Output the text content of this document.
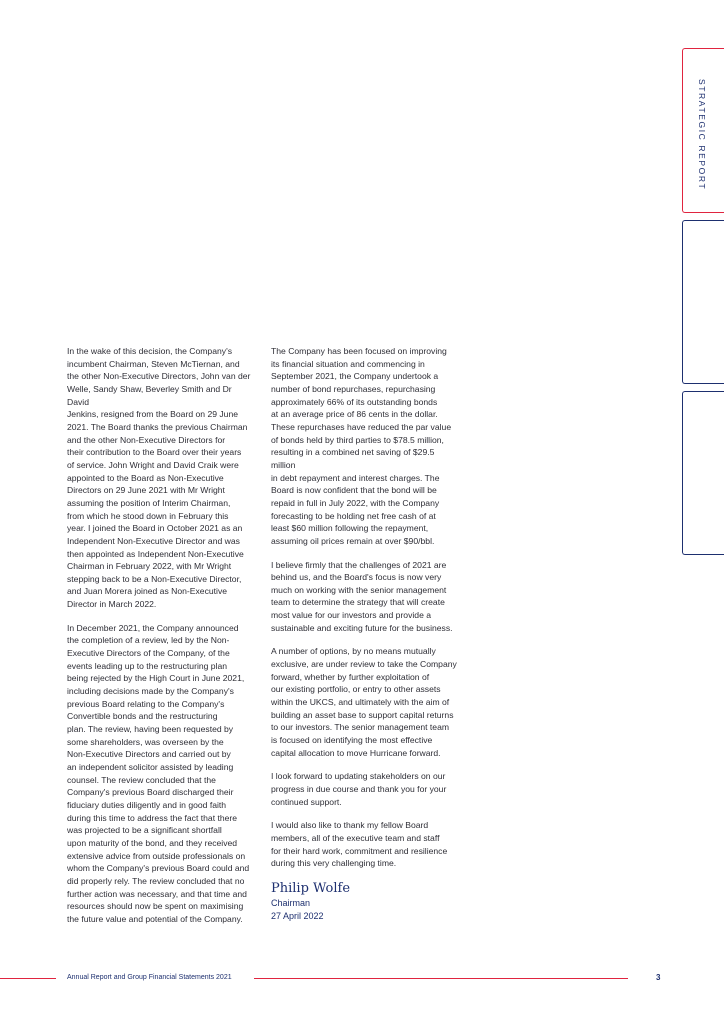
STRATEGIC REPORT

In the wake of this decision, the Company's
incumbent Chairman, Steven McTiernan, and
the other Non-Executive Directors, John van der
Welle, Sandy Shaw, Beverley Smith and Dr David
Jenkins, resigned from the Board on 29 June
2021. The Board thanks the previous Chairman
and the other Non-Executive Directors for
their contribution to the Board over their years
of service. John Wright and David Craik were
appointed to the Board as Non-Executive
Directors on 29 June 2021 with Mr Wright
assuming the position of Interim Chairman,
from which he stood down in February this
year. I joined the Board in October 2021 as an
Independent Non-Executive Director and was
then appointed as Independent Non-Executive
Chairman in February 2022, with Mr Wright
stepping back to be a Non-Executive Director,
and Juan Morera joined as Non-Executive
Director in March 2022.

In December 2021, the Company announced
the completion of a review, led by the Non-
Executive Directors of the Company, of the
events leading up to the restructuring plan
being rejected by the High Court in June 2021,
including decisions made by the Company's
previous Board relating to the Company's
Convertible bonds and the restructuring
plan. The review, having been requested by
some shareholders, was overseen by the
Non-Executive Directors and carried out by
an independent solicitor assisted by leading
counsel. The review concluded that the
Company's previous Board discharged their
fiduciary duties diligently and in good faith
during this time to address the fact that there
was projected to be a significant shortfall
upon maturity of the bond, and they received
extensive advice from outside professionals on
whom the Company's previous Board could and
did properly rely. The review concluded that no
further action was necessary, and that time and
resources should now be spent on maximising
the future value and potential of the Company.

The Company has been focused on improving
its financial situation and commencing in
September 2021, the Company undertook a
number of bond repurchases, repurchasing
approximately 66% of its outstanding bonds
at an average price of 86 cents in the dollar.
These repurchases have reduced the par value
of bonds held by third parties to $78.5 million,
resulting in a combined net saving of $29.5 million
in debt repayment and interest charges. The
Board is now confident that the bond will be
repaid in full in July 2022, with the Company
forecasting to be holding net free cash of at
least $60 million following the repayment,
assuming oil prices remain at over $90/bbl.

I believe firmly that the challenges of 2021 are
behind us, and the Board's focus is now very
much on working with the senior management
team to determine the strategy that will create
most value for our investors and provide a
sustainable and exciting future for the business.

A number of options, by no means mutually
exclusive, are under review to take the Company
forward, whether by further exploitation of
our existing portfolio, or entry to other assets
within the UKCS, and ultimately with the aim of
building an asset base to support capital returns
to our investors. The senior management team
is focused on identifying the most effective
capital allocation to move Hurricane forward.

I look forward to updating stakeholders on our
progress in due course and thank you for your
continued support.

I would also like to thank my fellow Board
members, all of the executive team and staff
for their hard work, commitment and resilience
during this very challenging time.

Philip Wolfe
Chairman
27 April 2022
Annual Report and Group Financial Statements 2021	3
